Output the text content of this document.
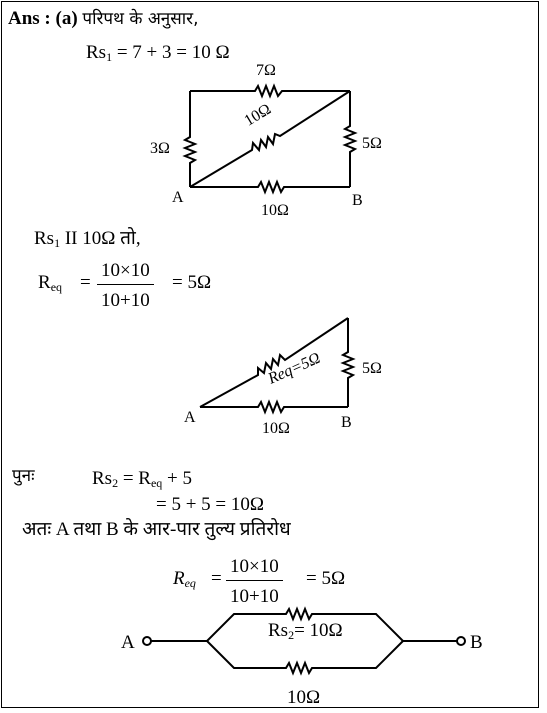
Ans : (a) परिपथ के अनुसार,
$Rs_1 = 7 + 3 = 10$ Ω
7Ω
3Ω	5Ω
10Ω
10Ω
A	B
$Rs_1$ II 10Ω तो,
$R_{eq} = \frac{10\times 10}{10+10} = 5\Omega$
Req=5Ω 5Ω
10Ω
A	B
पुनः	$Rs_2 = R_{eq} + 5$
= 5 + 5 = 10Ω
अतः A तथा B के आर-पार तुल्य प्रतिरोध
$R_{eq} = \frac{10\times 10}{10+10} = 5\Omega$
A	B
$Rs_2= 10\Omega$
10Ω
